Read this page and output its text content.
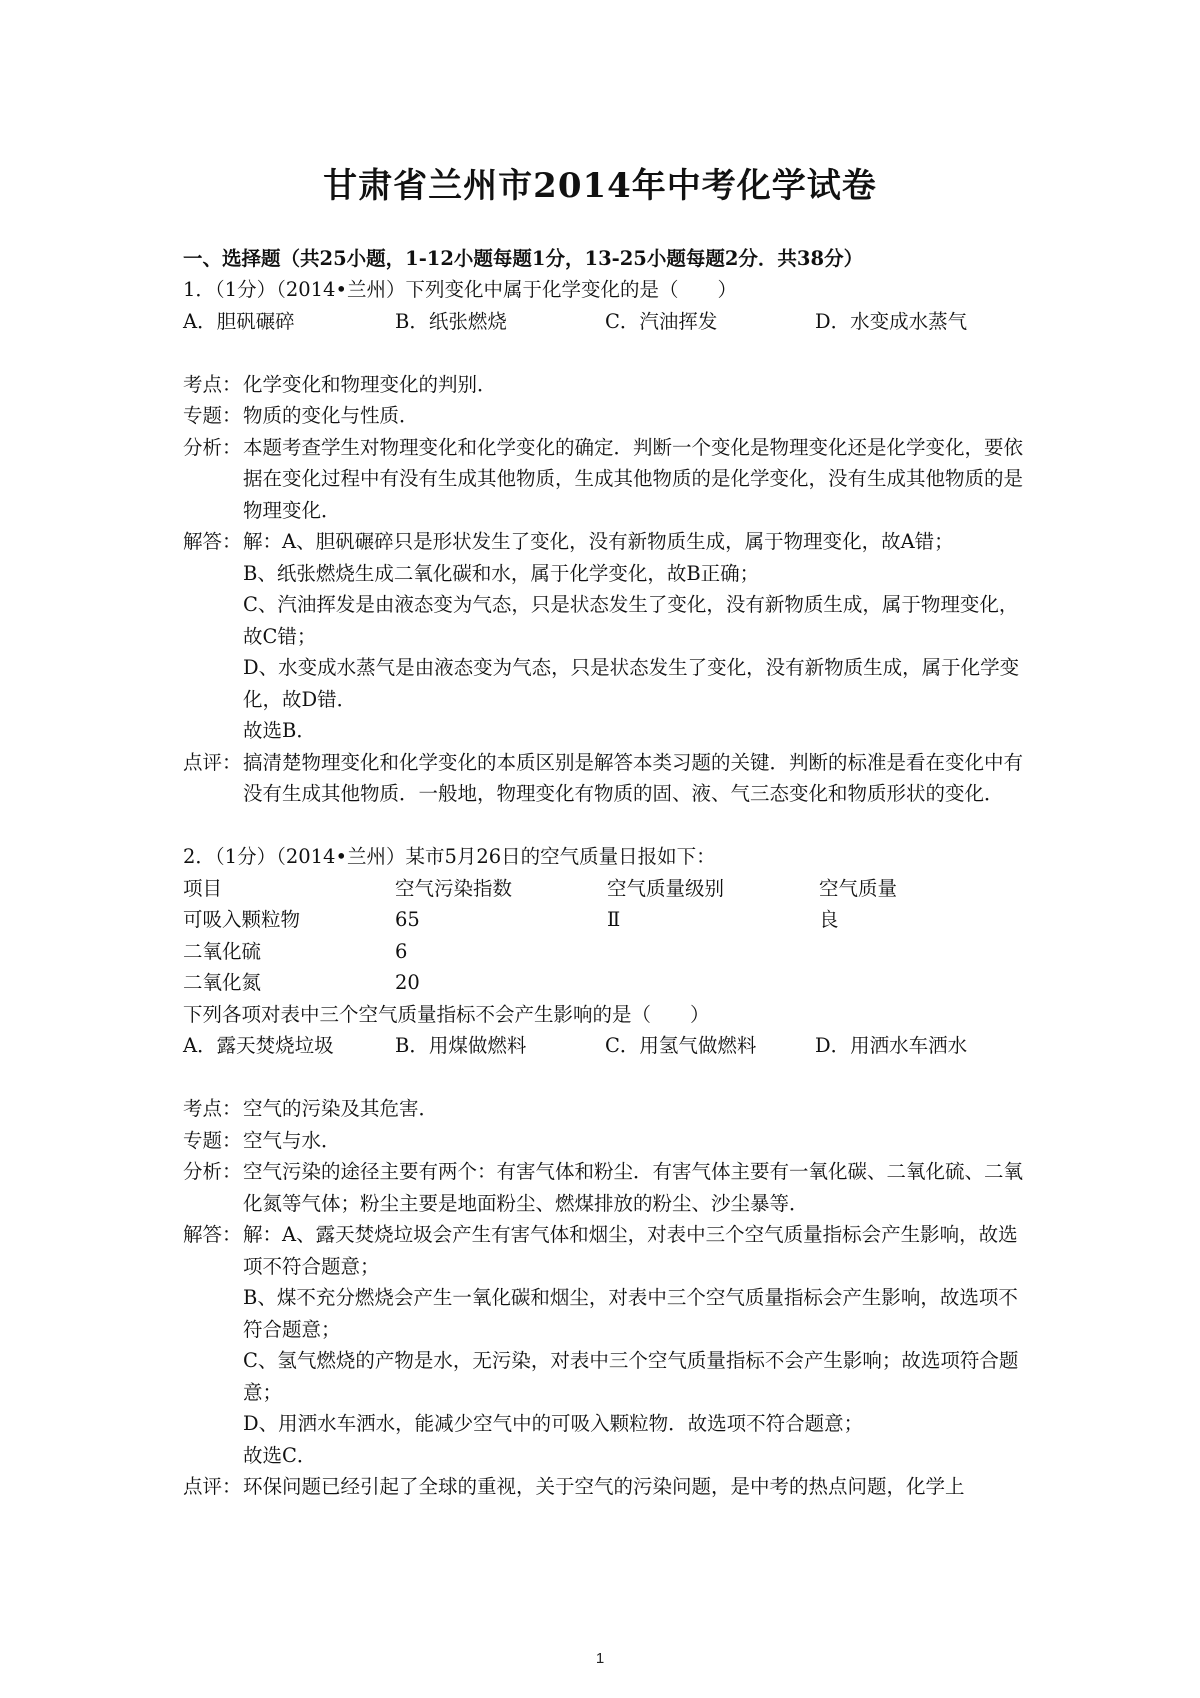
甘肃省兰州市2014年中考化学试卷
一、选择题（共25小题，1-12小题每题1分，13-25小题每题2分．共38分）
1．（1分）（2014•兰州）下列变化中属于化学变化的是（　　）
A．胆矾碾碎	B．纸张燃烧	C．汽油挥发	D．水变成水蒸气
考点： 化学变化和物理变化的判别．

专题： 物质的变化与性质．

分析： 本题考查学生对物理变化和化学变化的确定．判断一个变化是物理变化还是化学变化，要依据在变化过程中有没有生成其他物质，生成其他物质的是化学变化，没有生成其他物质的是物理变化．

解答： 解：A、胆矾碾碎只是形状发生了变化，没有新物质生成，属于物理变化，故A错；

B、纸张燃烧生成二氧化碳和水，属于化学变化，故B正确；

C、汽油挥发是由液态变为气态，只是状态发生了变化，没有新物质生成，属于物理变化，故C错；

D、水变成水蒸气是由液态变为气态，只是状态发生了变化，没有新物质生成，属于化学变化，故D错．

故选B．

点评： 搞清楚物理变化和化学变化的本质区别是解答本类习题的关键．判断的标准是看在变化中有没有生成其他物质．一般地，物理变化有物质的固、液、气三态变化和物质形状的变化．

2．（1分）（2014•兰州）某市5月26日的空气质量日报如下：
项目	空气污染指数	空气质量级别	空气质量
可吸入颗粒物	65	Ⅱ	良
二氧化硫	6
二氧化氮	20
下列各项对表中三个空气质量指标不会产生影响的是（　　）
A．露天焚烧垃圾	B．用煤做燃料	C．用氢气做燃料	D．用洒水车洒水
考点： 空气的污染及其危害．

专题： 空气与水．

分析： 空气污染的途径主要有两个：有害气体和粉尘．有害气体主要有一氧化碳、二氧化硫、二氧化氮等气体；粉尘主要是地面粉尘、燃煤排放的粉尘、沙尘暴等．

解答： 解：A、露天焚烧垃圾会产生有害气体和烟尘，对表中三个空气质量指标会产生影响，故选项不符合题意；

B、煤不充分燃烧会产生一氧化碳和烟尘，对表中三个空气质量指标会产生影响，故选项不符合题意；

C、氢气燃烧的产物是水，无污染，对表中三个空气质量指标不会产生影响；故选项符合题意；

D、用洒水车洒水，能减少空气中的可吸入颗粒物．故选项不符合题意；

故选C．

点评： 环保问题已经引起了全球的重视，关于空气的污染问题，是中考的热点问题，化学上

1
